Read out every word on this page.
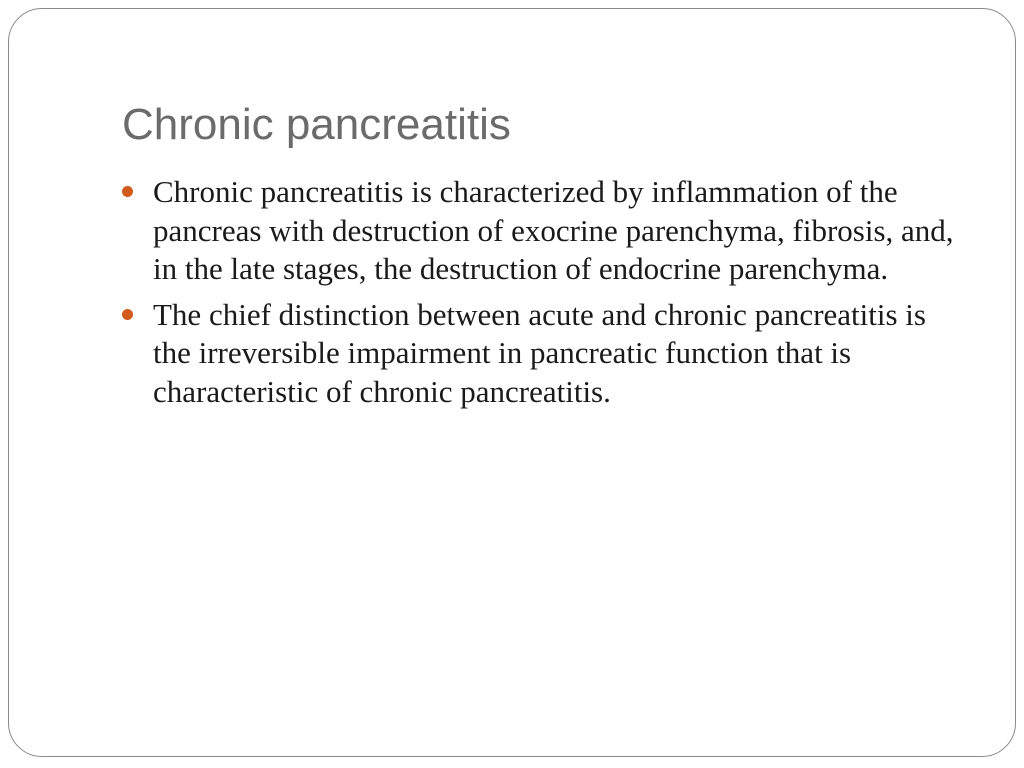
Chronic pancreatitis
Chronic pancreatitis is characterized by inflammation of the pancreas with destruction of exocrine parenchyma, fibrosis, and, in the late stages, the destruction of endocrine parenchyma.
The chief distinction between acute and chronic pancreatitis is the irreversible impairment in pancreatic function that is characteristic of chronic pancreatitis.
